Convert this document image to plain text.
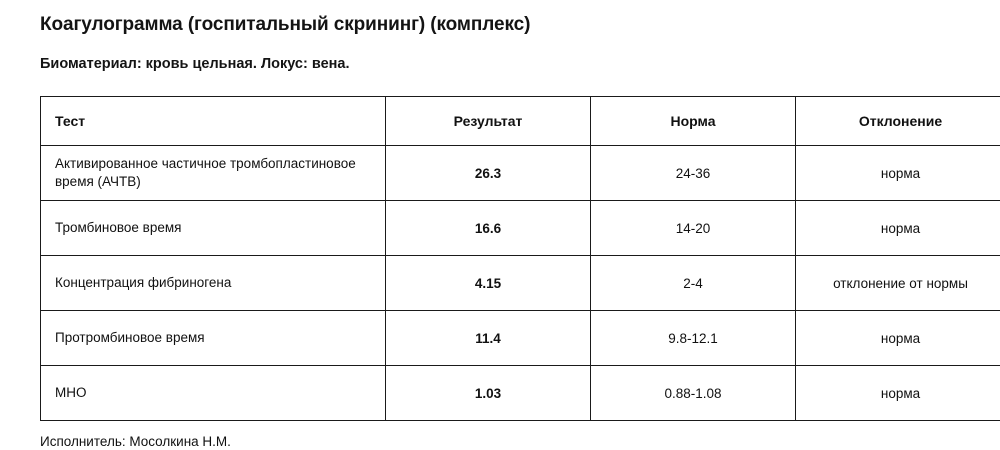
Коагулограмма (госпитальный скрининг) (комплекс)
Биоматериал: кровь цельная. Локус: вена.
Тест	Результат	Норма	Отклонение	
Активированное частичное тромбопластиновое время (АЧТВ)	26.3	24-36	норма	
Тромбиновое время	16.6	14-20	норма	
Концентрация фибриногена	4.15	2-4	отклонение от нормы	
Протромбиновое время	11.4	9.8-12.1	норма	
МНО	1.03	0.88-1.08	норма	
Исполнитель: Мосолкина Н.М.
